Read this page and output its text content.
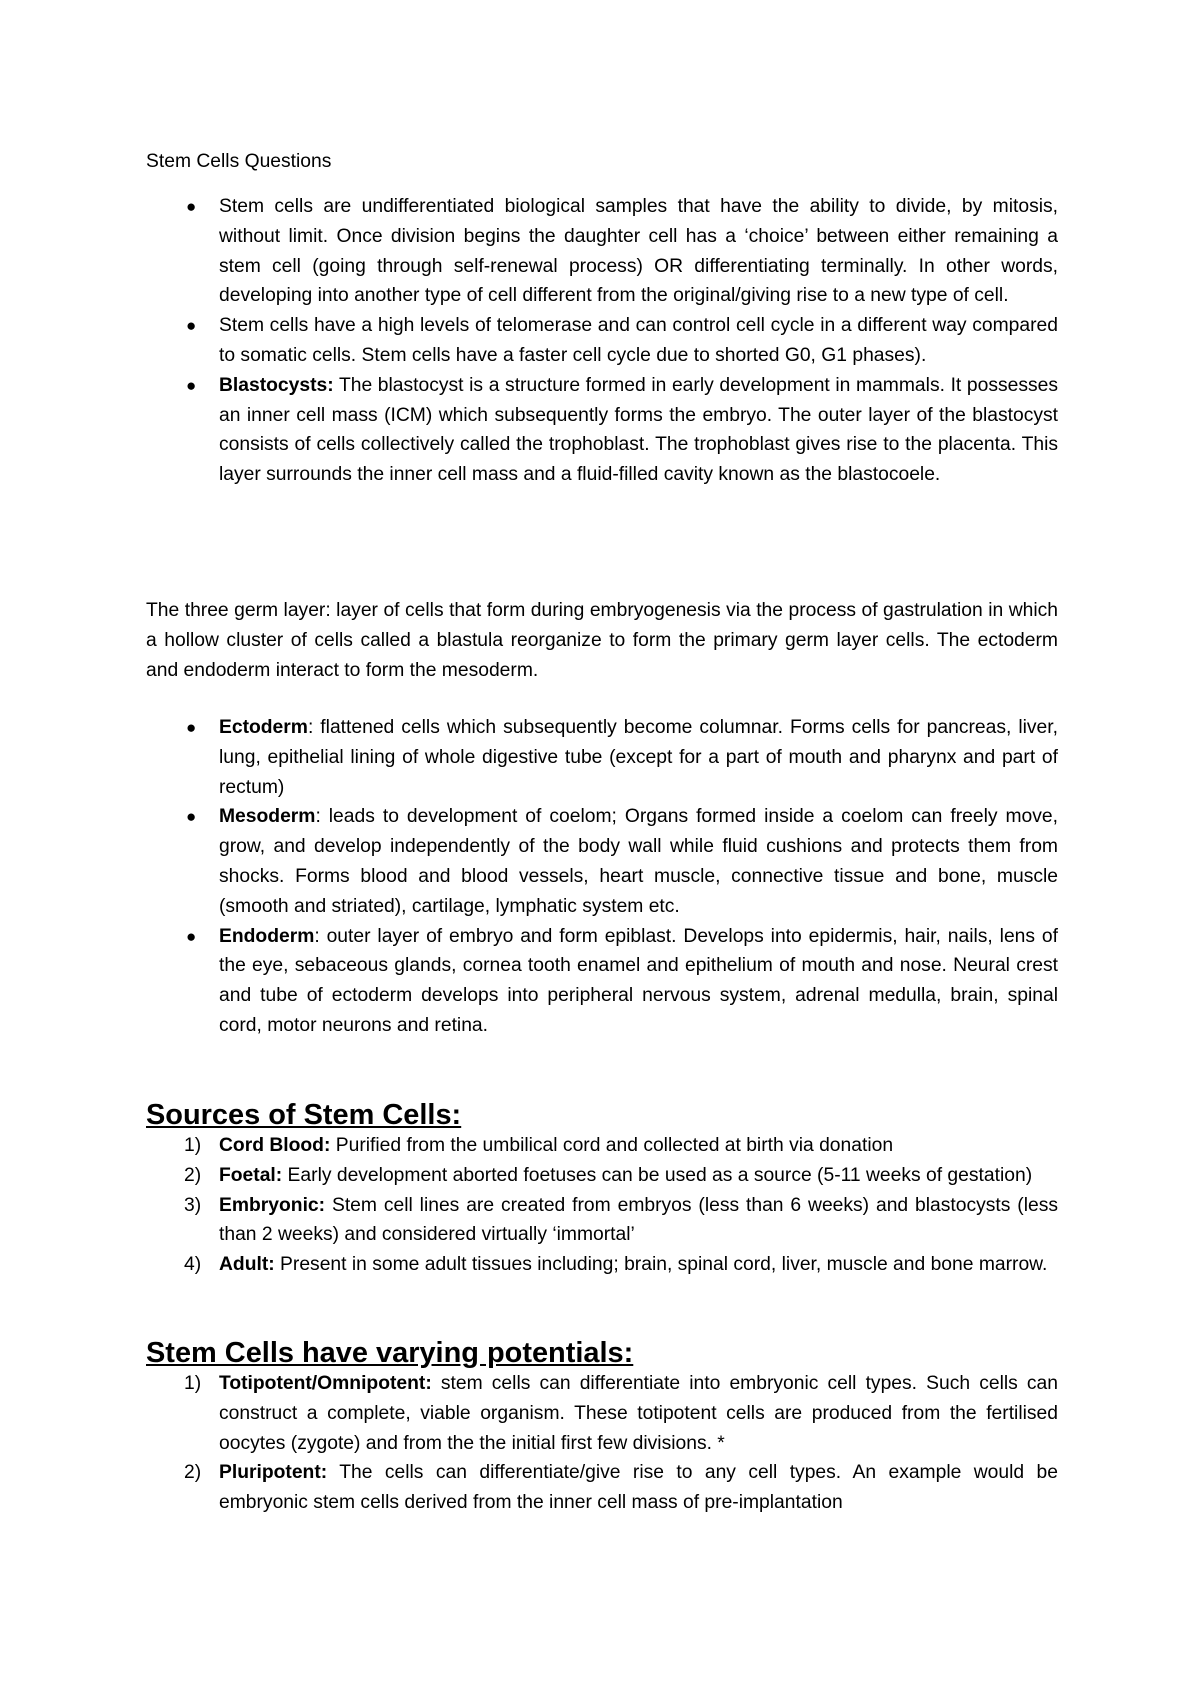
Stem Cells Questions
● Stem cells are undifferentiated biological samples that have the ability to divide, by mitosis, without limit. Once division begins the daughter cell has a ‘choice’ between either remaining a stem cell (going through self-renewal process) OR differentiating terminally. In other words, developing into another type of cell different from the original/giving rise to a new type of cell.
● Stem cells have a high levels of telomerase and can control cell cycle in a different way compared to somatic cells. Stem cells have a faster cell cycle due to shorted G0, G1 phases).
● Blastocysts: The blastocyst is a structure formed in early development in mammals. It possesses an inner cell mass (ICM) which subsequently forms the embryo. The outer layer of the blastocyst consists of cells collectively called the trophoblast. The trophoblast gives rise to the placenta. This layer surrounds the inner cell mass and a fluid-filled cavity known as the blastocoele.

The three germ layer: layer of cells that form during embryogenesis via the process of gastrulation in which a hollow cluster of cells called a blastula reorganize to form the primary germ layer cells. The ectoderm and endoderm interact to form the mesoderm.

● Ectoderm: flattened cells which subsequently become columnar. Forms cells for pancreas, liver, lung, epithelial lining of whole digestive tube (except for a part of mouth and pharynx and part of rectum)
● Mesoderm: leads to development of coelom; Organs formed inside a coelom can freely move, grow, and develop independently of the body wall while fluid cushions and protects them from shocks. Forms blood and blood vessels, heart muscle, connective tissue and bone, muscle (smooth and striated), cartilage, lymphatic system etc.
● Endoderm: outer layer of embryo and form epiblast. Develops into epidermis, hair, nails, lens of the eye, sebaceous glands, cornea tooth enamel and epithelium of mouth and nose. Neural crest and tube of ectoderm develops into peripheral nervous system, adrenal medulla, brain, spinal cord, motor neurons and retina.
Sources of Stem Cells:
1) Cord Blood: Purified from the umbilical cord and collected at birth via donation
2) Foetal: Early development aborted foetuses can be used as a source (5-11 weeks of gestation)
3) Embryonic: Stem cell lines are created from embryos (less than 6 weeks) and blastocysts (less than 2 weeks) and considered virtually ‘immortal’
4) Adult: Present in some adult tissues including; brain, spinal cord, liver, muscle and bone marrow.
Stem Cells have varying potentials:
1) Totipotent/Omnipotent: stem cells can differentiate into embryonic cell types. Such cells can construct a complete, viable organism. These totipotent cells are produced from the fertilised oocytes (zygote) and from the the initial first few divisions. *
2) Pluripotent: The cells can differentiate/give rise to any cell types. An example would be embryonic stem cells derived from the inner cell mass of pre-implantation
